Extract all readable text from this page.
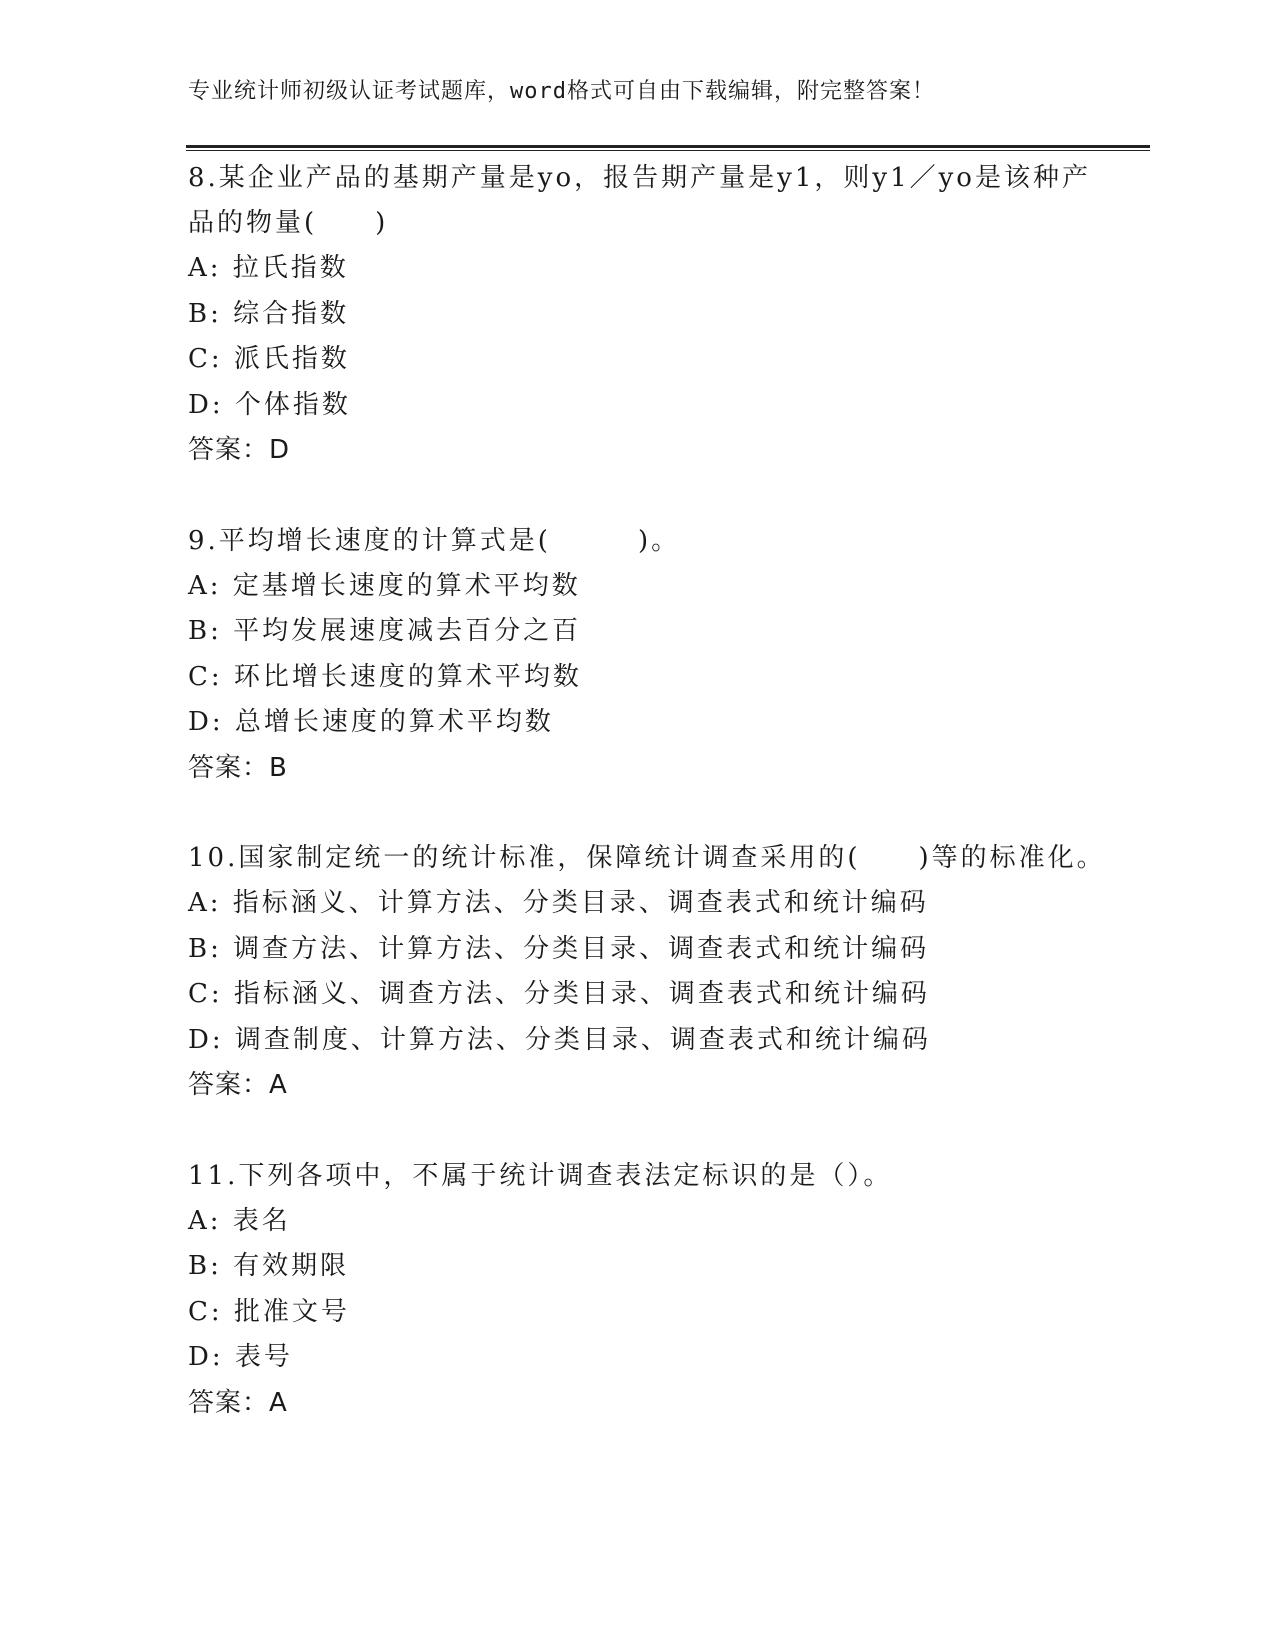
专业统计师初级认证考试题库，word格式可自由下载编辑，附完整答案！
8.某企业产品的基期产量是yo，报告期产量是y1，则y1／yo是该种产品的物量(　　)
A: 拉氏指数
B: 综合指数
C: 派氏指数
D: 个体指数
答案：D
9.平均增长速度的计算式是(　　　)。
A: 定基增长速度的算术平均数
B: 平均发展速度减去百分之百
C: 环比增长速度的算术平均数
D: 总增长速度的算术平均数
答案：B
10.国家制定统一的统计标准，保障统计调查采用的(　　)等的标准化。
A: 指标涵义、计算方法、分类目录、调查表式和统计编码
B: 调查方法、计算方法、分类目录、调查表式和统计编码
C: 指标涵义、调查方法、分类目录、调查表式和统计编码
D: 调查制度、计算方法、分类目录、调查表式和统计编码
答案：A
11.下列各项中，不属于统计调查表法定标识的是（）。
A: 表名
B: 有效期限
C: 批准文号
D: 表号
答案：A
